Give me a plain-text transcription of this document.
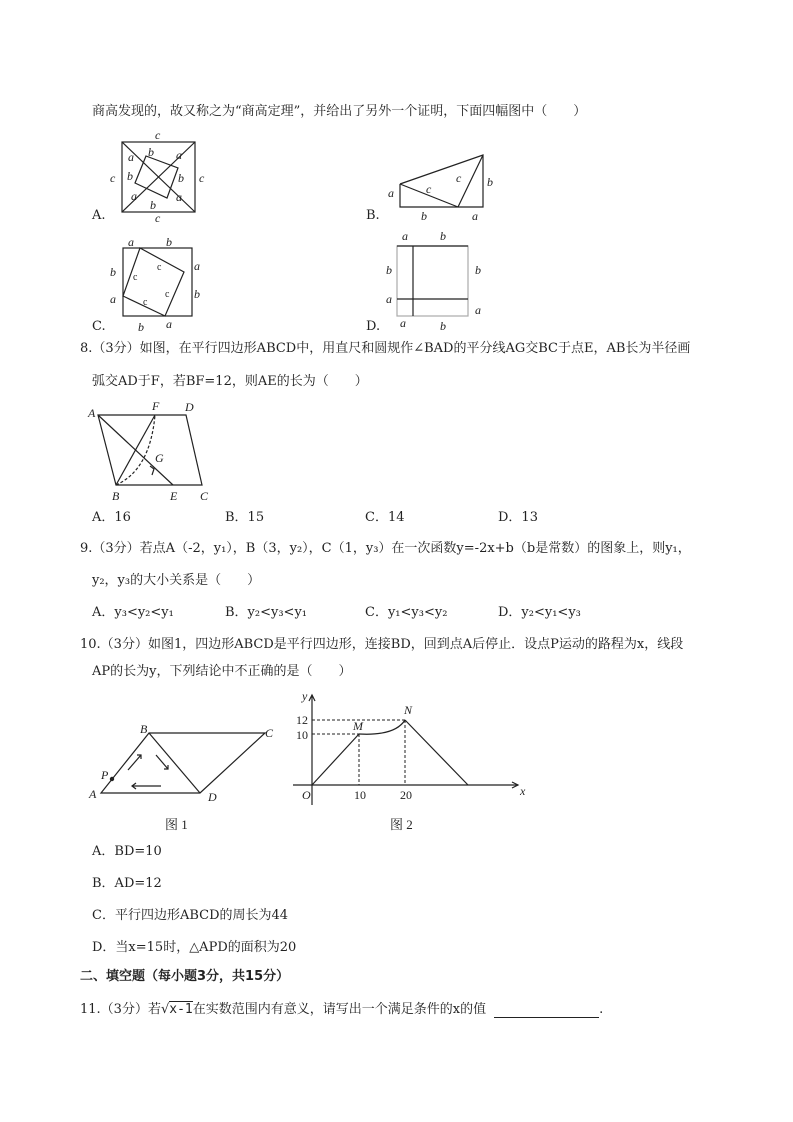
商高发现的，故又称之为“商高定理”，并给出了另外一个证明，下面四幅图中（　　）
c
c	c
c
a b a
b
b
a
b
a	a
b	a
b
c
c
a	b
b
a
a
b
b a
c
c
c
c
a	b
b	b
a
a
a	b
A.	B.
C.	D.
8.（3分）如图，在平行四边形ABCD中，用直尺和圆规作∠BAD的平分线AG交BC于点E，AB长为半径画
弧交AD于F，若BF=12，则AE的长为（　　）
A	F D
G
B	E C
A．16	B．15	C．14	D．13
9.（3分）若点A（-2，y₁），B（3，y₂），C（1，y₃）在一次函数y=-2x+b（b是常数）的图象上，则y₁，
y₂，y₃的大小关系是（　　）
A．y₃<y₂<y₁	B．y₂<y₃<y₁	C．y₁<y₃<y₂	D．y₂<y₁<y₃
10.（3分）如图1，四边形ABCD是平行四边形，连接BD，回到点A后停止．设点P运动的路程为x，线段
AP的长为y，下列结论中不正确的是（　　）
A
B	C
D
P
图 1
y
x
O	10	20
10
12	M
N
图 2
A．BD=10
B．AD=12
C．平行四边形ABCD的周长为44
D．当x=15时，△APD的面积为20
二、填空题（每小题3分，共15分）
11.（3分）若√x-1在实数范围内有意义，请写出一个满足条件的x的值	.
